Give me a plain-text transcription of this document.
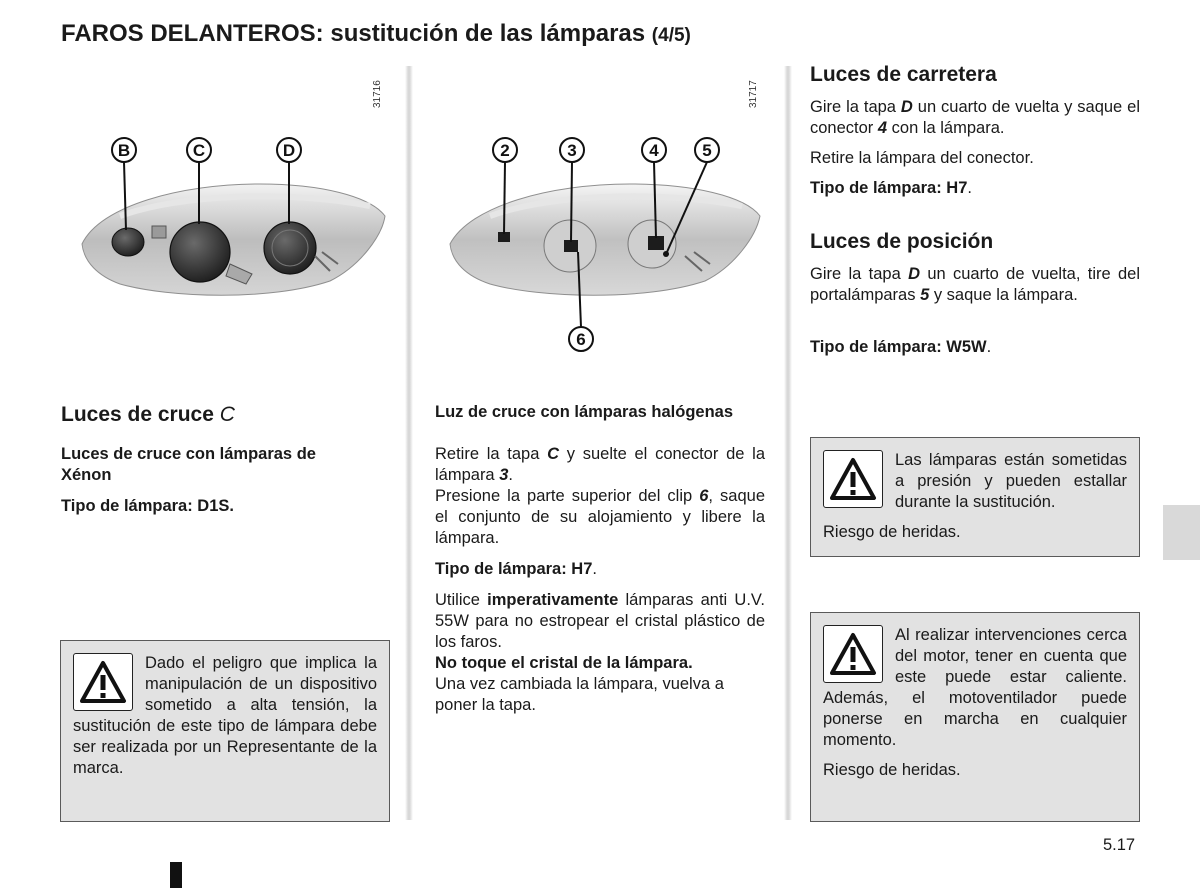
FAROS DELANTEROS: sustitución de las lámparas (4/5)
B	C	D
31716
2	3	4	5
6
31717
Luces de cruce C
Luces de cruce con lámparas de Xénon
Tipo de lámpara: D1S.
Dado el peligro que implica la manipulación de un dispositivo sometido a alta tensión, la sustitución de este tipo de lámpara debe ser realizada por un Representante de la marca.
Luz de cruce con lámparas halógenas
Retire la tapa C y suelte el conector de la lámpara 3.
Presione la parte superior del clip 6, saque el conjunto de su alojamiento y libere la lámpara.
Tipo de lámpara: H7.
Utilice imperativamente lámparas anti U.V. 55W para no estropear el cristal plástico de los faros.
No toque el cristal de la lámpara.
Una vez cambiada la lámpara, vuelva a poner la tapa.
Luces de carretera
Gire la tapa D un cuarto de vuelta y saque el conector 4 con la lámpara.
Retire la lámpara del conector.
Tipo de lámpara: H7.
Luces de posición
Gire la tapa D un cuarto de vuelta, tire del portalámparas 5 y saque la lámpara.
Tipo de lámpara: W5W.
Las lámparas están sometidas a presión y pueden estallar durante la sustitución.
Riesgo de heridas.
Al realizar intervenciones cerca del motor, tener en cuenta que este puede estar caliente. Además, el motoventilador puede ponerse en marcha en cualquier momento.
Riesgo de heridas.
5.17
